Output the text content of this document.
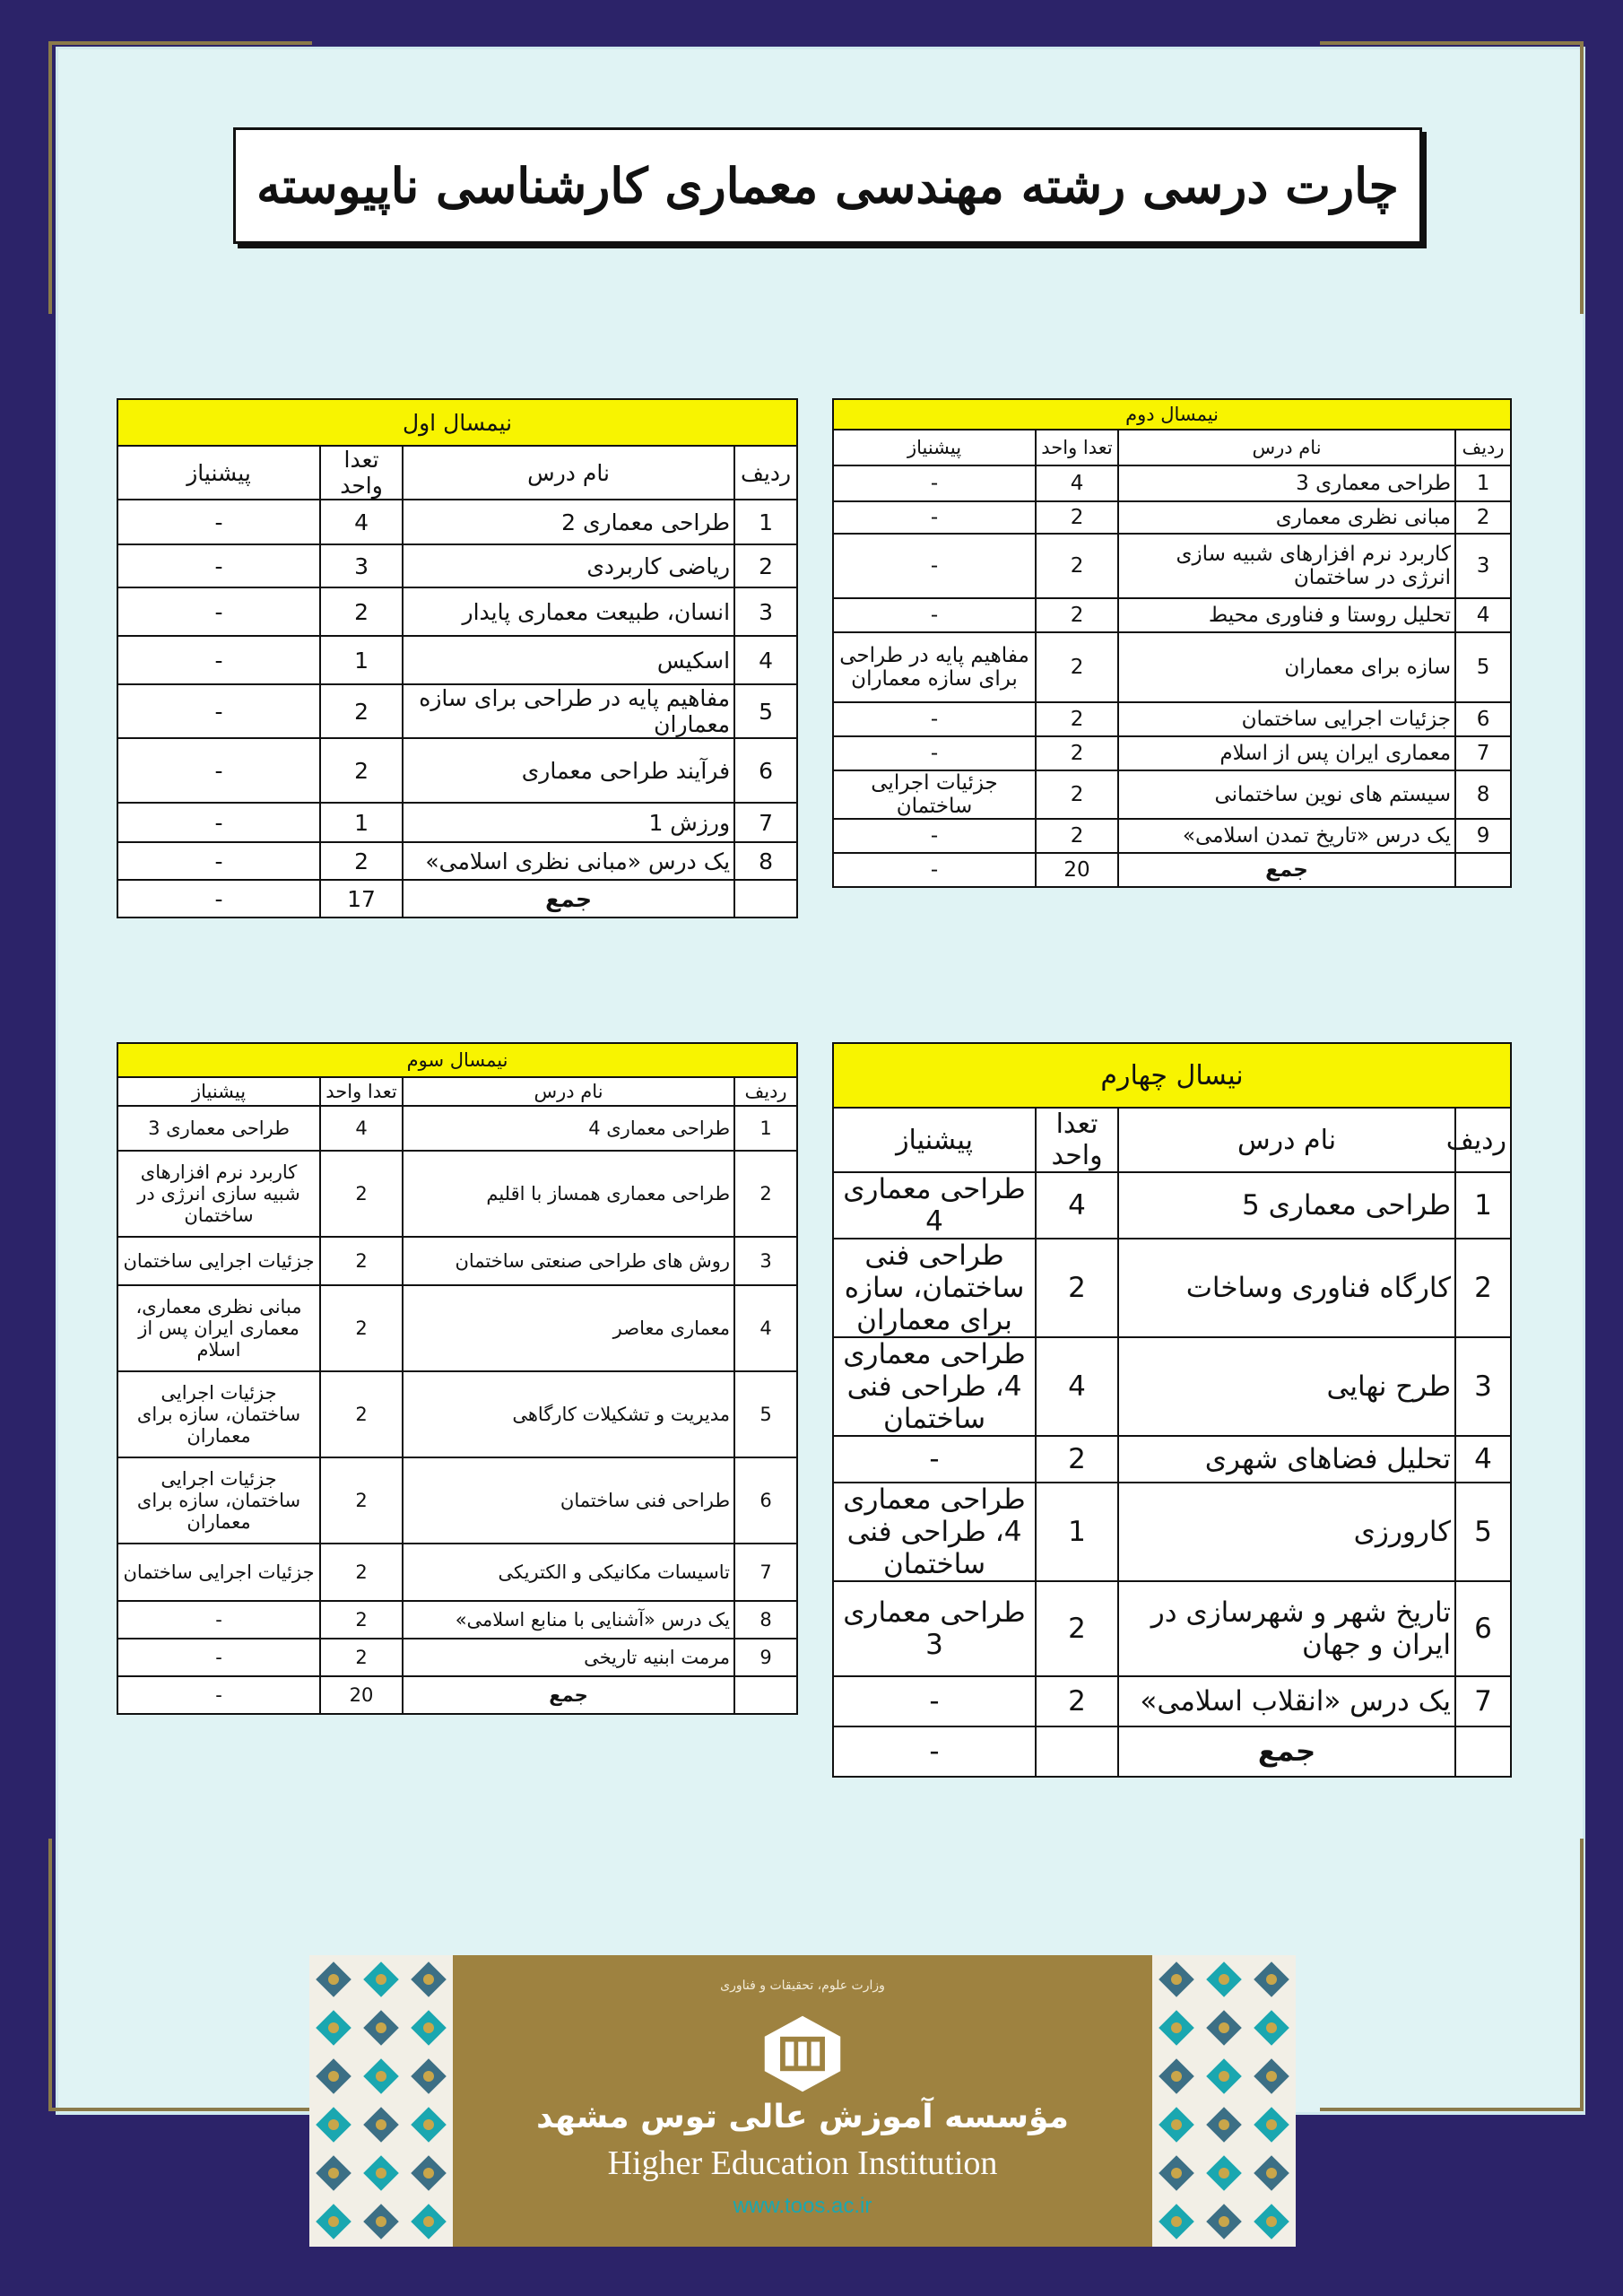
چارت درسی رشته مهندسی معماری کارشناسی ناپیوسته
نیمسال اول			
ردیف	نام درس	تعدا واحد	پیشنیاز
1	طراحی معماری 2	4	-
2	ریاضی کاربردی	3	-
3	انسان، طبیعت معماری پایدار	2	-
4	اسکیس	1	-
5	مفاهیم پایه در طراحی برای سازه معماران	2	-
6	فرآیند طراحی معماری	2	-
7	ورزش 1	1	-
8	یک درس «مبانی نظری اسلامی»	2	-
	جمع	17	-
نیمسال دوم			
ردیف	نام درس	تعدا واحد	پیشنیاز
1	طراحی معماری 3	4	-
2	مبانی نظری معماری	2	-
3	کاربرد نرم افزارهای شبیه سازی انرژی در ساختمان	2	-
4	تحلیل روستا و فناوری محیط	2	-
5	سازه برای معماران	2	مفاهیم پایه در طراحی برای سازه معماران
6	جزئیات اجرایی ساختمان	2	-
7	معماری ایران پس از اسلام	2	-
8	سیستم های نوین ساختمانی	2	جزئیات اجرایی ساختمان
9	یک درس «تاریخ تمدن اسلامی»	2	-
	جمع	20	-
نیمسال سوم			
ردیف	نام درس	تعدا واحد	پیشنیاز
1	طراحی معماری 4	4	طراحی معماری 3
2	طراحی معماری همساز با اقلیم	2	کاربرد نرم افزارهای شبیه سازی انرژی در ساختمان
3	روش های طراحی صنعتی ساختمان	2	جزئیات اجرایی ساختمان
4	معماری معاصر	2	مبانی نظری معماری، معماری ایران پس از اسلام
5	مدیریت و تشکیلات کارگاهی	2	جزئیات اجرایی ساختمان، سازه برای معماران
6	طراحی فنی ساختمان	2	جزئیات اجرایی ساختمان، سازه برای معماران
7	تاسیسات مکانیکی و الکتریکی	2	جزئیات اجرایی ساختمان
8	یک درس «آشنایی با منابع اسلامی»	2	-
9	مرمت ابنیه تاریخی	2	-
	جمع	20	-
نیسال چهارم			
ردیف	نام درس	تعدا واحد	پیشنیاز
1	طراحی معماری 5	4	طراحی معماری 4
2	کارگاه فناوری وساخات	2	طراحی فنی ساختمان، سازه برای معماران
3	طرح نهایی	4	طراحی معماری 4، طراحی فنی ساختمان
4	تحلیل فضاهای شهری	2	-
5	کارورزی	1	طراحی معماری 4، طراحی فنی ساختمان
6	تاریخ شهر و شهرسازی در ایران و جهان	2	طراحی معماری 3
7	یک درس «انقلاب اسلامی»	2	-
	جمع		-
وزارت علوم، تحقیقات و فناوری
مؤسسه آموزش عالی توس مشهد
Higher Education Institution
www.toos.ac.ir
